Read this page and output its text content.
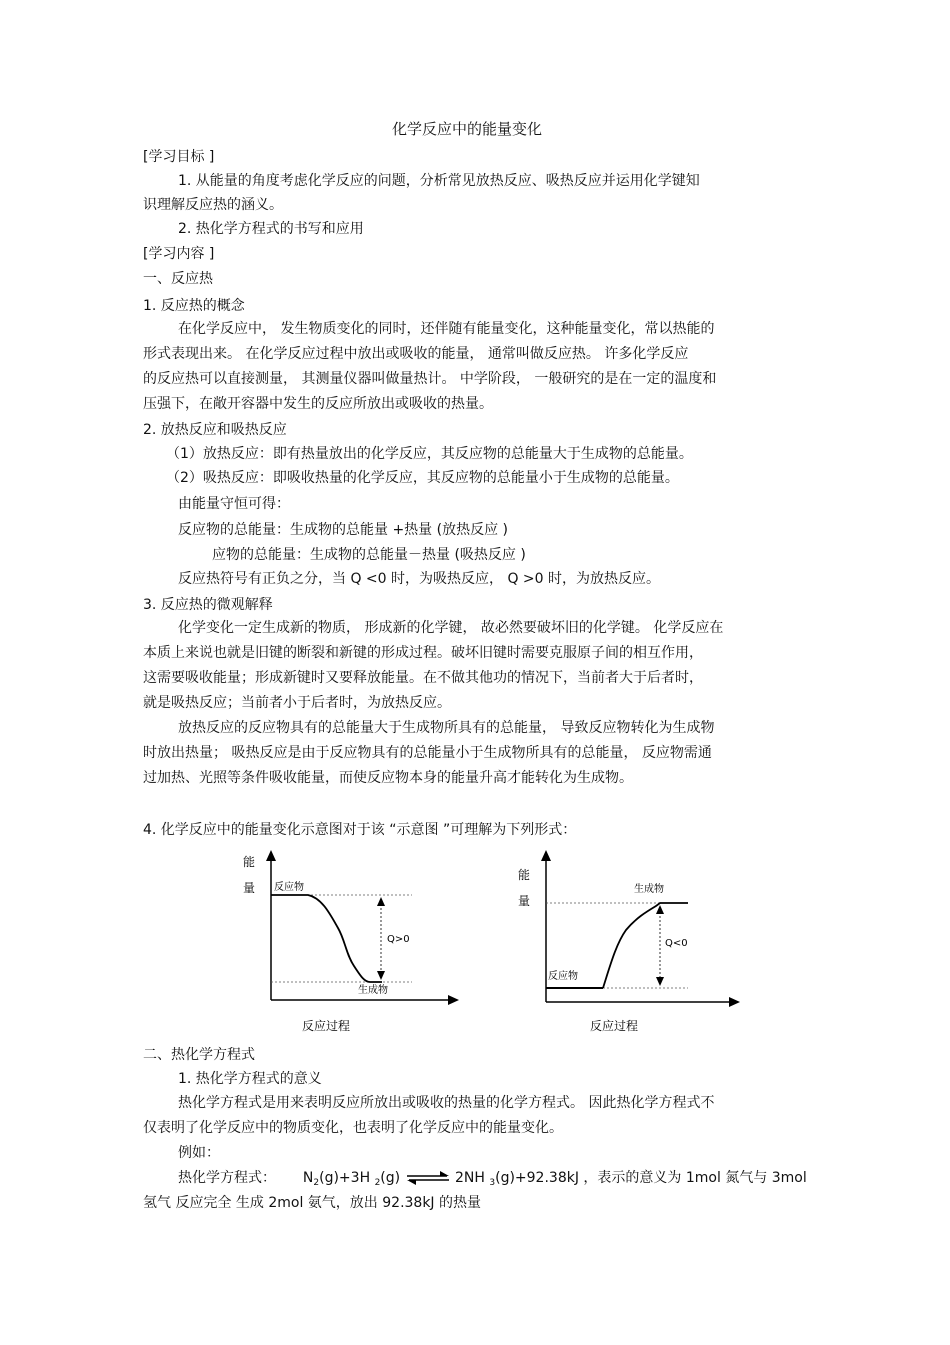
化学反应中的能量变化
[学习目标 ]
1. 从能量的角度考虑化学反应的问题，分析常见放热反应、吸热反应并运用化学键知
识理解反应热的涵义。
2. 热化学方程式的书写和应用
[学习内容 ]
一、反应热
1. 反应热的概念
在化学反应中， 发生物质变化的同时，还伴随有能量变化，这种能量变化，常以热能的
形式表现出来。 在化学反应过程中放出或吸收的能量， 通常叫做反应热。 许多化学反应
的反应热可以直接测量， 其测量仪器叫做量热计。 中学阶段， 一般研究的是在一定的温度和
压强下，在敞开容器中发生的反应所放出或吸收的热量。
2. 放热反应和吸热反应
（1）放热反应：即有热量放出的化学反应，其反应物的总能量大于生成物的总能量。
（2）吸热反应：即吸收热量的化学反应，其反应物的总能量小于生成物的总能量。
由能量守恒可得：
反应物的总能量：生成物的总能量 +热量 (放热反应 )
应物的总能量：生成物的总能量－热量 (吸热反应 )
反应热符号有正负之分，当 Q <0 时，为吸热反应， Q >0 时，为放热反应。
3. 反应热的微观解释
化学变化一定生成新的物质， 形成新的化学键， 故必然要破坏旧的化学键。 化学反应在
本质上来说也就是旧键的断裂和新键的形成过程。破坏旧键时需要克服原子间的相互作用，
这需要吸收能量；形成新键时又要释放能量。在不做其他功的情况下，当前者大于后者时，
就是吸热反应；当前者小于后者时，为放热反应。
放热反应的反应物具有的总能量大于生成物所具有的总能量， 导致反应物转化为生成物
时放出热量； 吸热反应是由于反应物具有的总能量小于生成物所具有的总能量， 反应物需通
过加热、光照等条件吸收能量，而使反应物本身的能量升高才能转化为生成物。
4. 化学反应中的能量变化示意图对于该 “示意图 ”可理解为下列形式：
能
量 反应物
生成物
Q>0
反应过程
能
量
生成物
反应物
Q<0
反应过程
二、热化学方程式
1. 热化学方程式的意义
热化学方程式是用来表明反应所放出或吸收的热量的化学方程式。 因此热化学方程式不
仅表明了化学反应中的物质变化，也表明了化学反应中的能量变化。
例如：
热化学方程式： $N_2(g)+3H$ $_2$(g) ⇌ 2NH $_3$(g)+92.38kJ ，表示的意义为 1mol 氮气与 3mol
氢气 反应完全 生成 2mol 氨气，放出 92.38kJ 的热量
